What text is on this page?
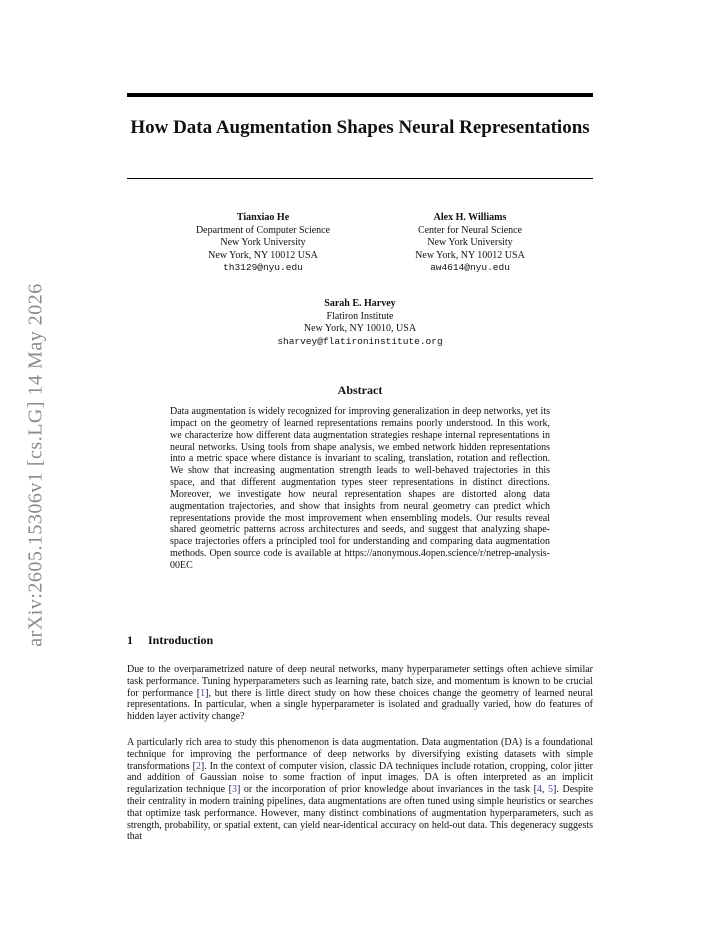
arXiv:2605.15306v1 [cs.LG] 14 May 2026
How Data Augmentation Shapes Neural Representations
Tianxiao He
Department of Computer Science
New York University
New York, NY 10012 USA
th3129@nyu.edu
Alex H. Williams
Center for Neural Science
New York University
New York, NY 10012 USA
aw4614@nyu.edu
Sarah E. Harvey
Flatiron Institute
New York, NY 10010, USA
sharvey@flatironinstitute.org
Abstract
Data augmentation is widely recognized for improving generalization in deep networks, yet its impact on the geometry of learned representations remains poorly understood. In this work, we characterize how different data augmentation strategies reshape internal representations in neural networks. Using tools from shape analysis, we embed network hidden representations into a metric space where distance is invariant to scaling, translation, rotation and reflection. We show that increasing augmentation strength leads to well-behaved trajectories in this space, and that different augmentation types steer representations in distinct directions. Moreover, we investigate how neural representation shapes are distorted along data augmentation trajectories, and show that insights from neural geometry can predict which representations provide the most improvement when ensembling models. Our results reveal shared geometric patterns across architectures and seeds, and suggest that analyzing shape-space trajectories offers a principled tool for understanding and comparing data augmentation methods. Open source code is available at https://anonymous.4open.science/r/netrep-analysis-00EC
1 Introduction
Due to the overparametrized nature of deep neural networks, many hyperparameter settings often achieve similar task performance. Tuning hyperparameters such as learning rate, batch size, and momentum is known to be crucial for performance [1], but there is little direct study on how these choices change the geometry of learned neural representations. In particular, when a single hyperparameter is isolated and gradually varied, how do features of hidden layer activity change?
A particularly rich area to study this phenomenon is data augmentation. Data augmentation (DA) is a foundational technique for improving the performance of deep networks by diversifying existing datasets with simple transformations [2]. In the context of computer vision, classic DA techniques include rotation, cropping, color jitter and addition of Gaussian noise to some fraction of input images. DA is often interpreted as an implicit regularization technique [3] or the incorporation of prior knowledge about invariances in the task [4, 5]. Despite their centrality in modern training pipelines, data augmentations are often tuned using simple heuristics or searches that optimize task performance. However, many distinct combinations of augmentation hyperparameters, such as strength, probability, or spatial extent, can yield near-identical accuracy on held-out data. This degeneracy suggests that
